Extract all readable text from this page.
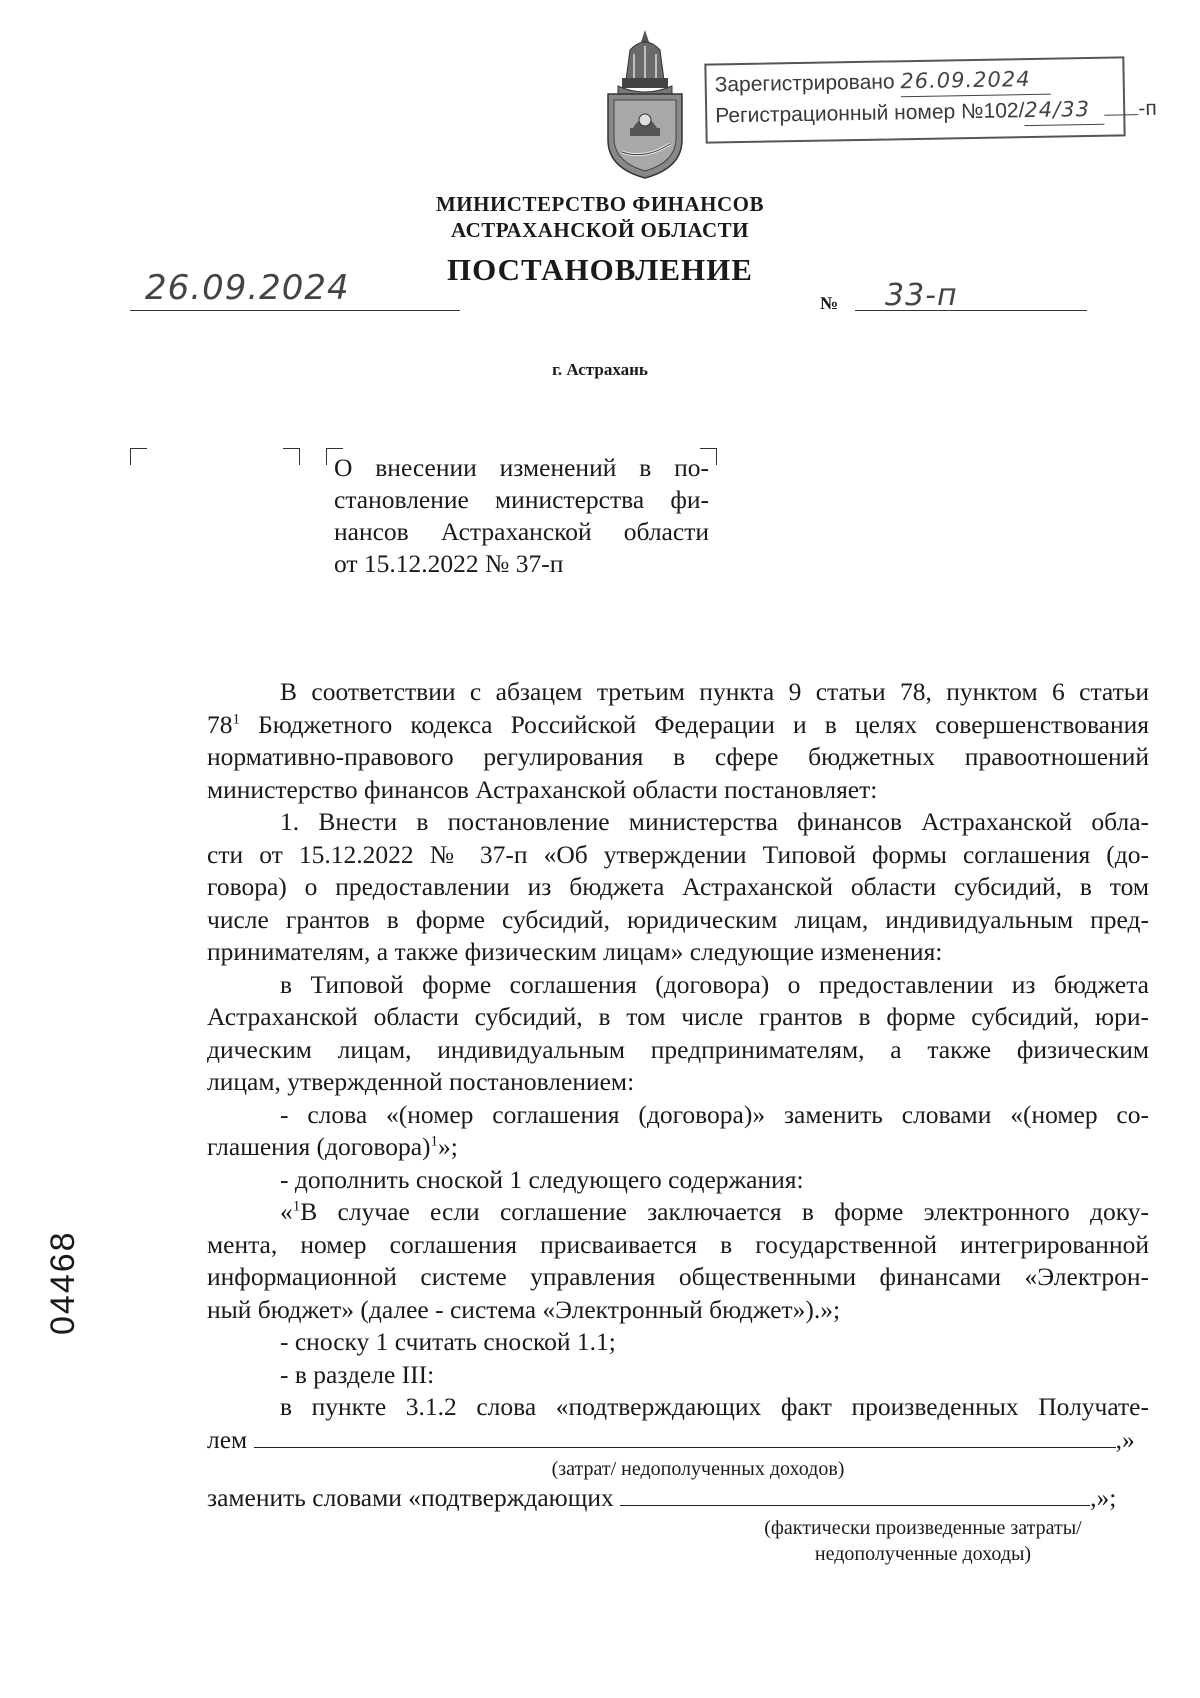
Зарегистрировано 26.09.2024
Регистрационный номер №102/24/33 -п
МИНИСТЕРСТВО ФИНАНСОВ
АСТРАХАНСКОЙ ОБЛАСТИ
ПОСТАНОВЛЕНИЕ
26.09.2024	№ 33-п
г. Астрахань
О внесении изменений в по-
становление министерства фи-
нансов Астраханской области
от 15.12.2022 № 37-п
В соответствии с абзацем третьим пункта 9 статьи 78, пунктом 6 статьи
$78^1$ Бюджетного кодекса Российской Федерации и в целях совершенствования
нормативно-правового регулирования в сфере бюджетных правоотношений
министерство финансов Астраханской области постановляет:
1. Внести в постановление министерства финансов Астраханской обла-
сти от 15.12.2022 № 37-п «Об утверждении Типовой формы соглашения (до-
говора) о предоставлении из бюджета Астраханской области субсидий, в том
числе грантов в форме субсидий, юридическим лицам, индивидуальным пред-
принимателям, а также физическим лицам» следующие изменения:
в Типовой форме соглашения (договора) о предоставлении из бюджета
Астраханской области субсидий, в том числе грантов в форме субсидий, юри-
дическим лицам, индивидуальным предпринимателям, а также физическим
лицам, утвержденной постановлением:
- слова «(номер соглашения (договора)» заменить словами «(номер со-
глашения (договора)$^1$»;
- дополнить сноской 1 следующего содержания:
«$^1$В случае если соглашение заключается в форме электронного доку-
мента, номер соглашения присваивается в государственной интегрированной
информационной системе управления общественными финансами «Электрон-
ный бюджет» (далее - система «Электронный бюджет»).»;
- сноску 1 считать сноской 1.1;
- в разделе III:
в пункте 3.1.2 слова «подтверждающих факт произведенных Получате-
лем	,»
(затрат/ недополученных доходов)
заменить словами «подтверждающих	,»;
(фактически произведенные затраты/
недополученные доходы)
04468
